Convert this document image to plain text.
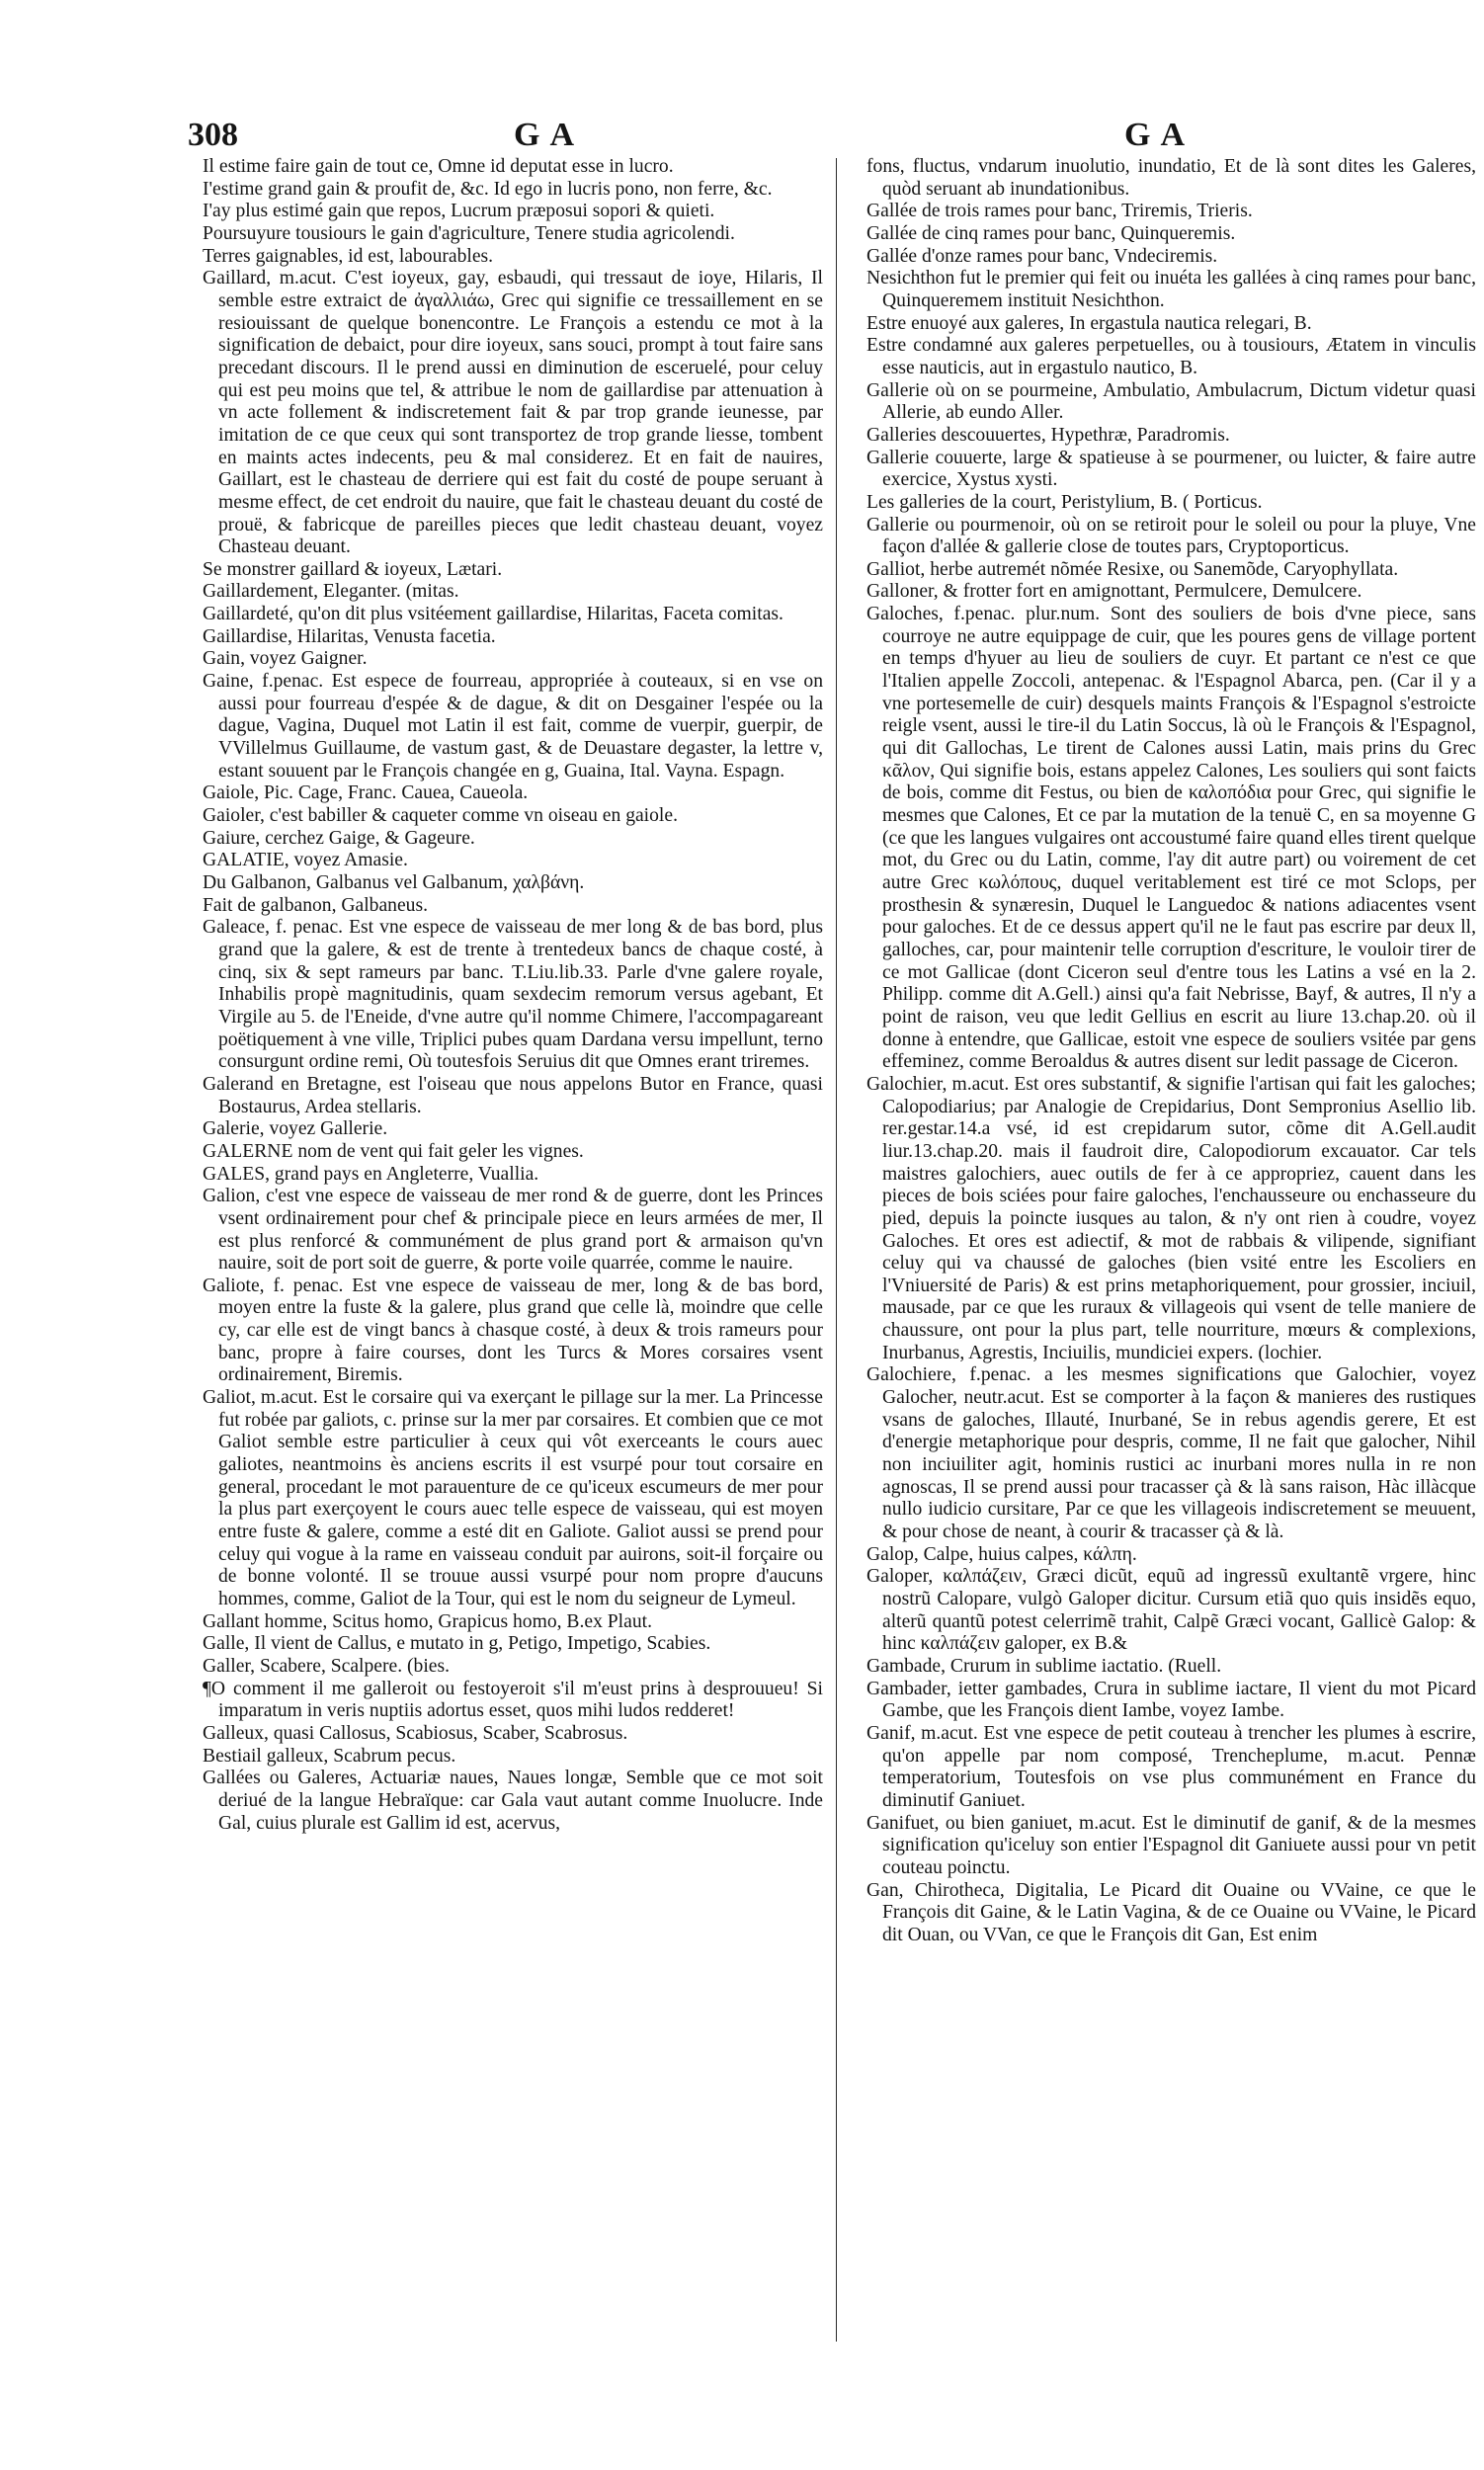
308	GA	GA

Il estime faire gain de tout ce, Omne id deputat esse in lucro.

I'estime grand gain & proufit de, &c. Id ego in lucris pono, non ferre, &c.

I'ay plus estimé gain que repos, Lucrum præposui sopori & quieti.

Poursuyure tousiours le gain d'agriculture, Tenere studia agricolendi.

Terres gaignables, id est, labourables.

Gaillard, m.acut. C'est ioyeux, gay, esbaudi, qui tressaut de ioye, Hilaris, Il semble estre extraict de ἀγαλλιάω, Grec qui signifie ce tressaillement en se resiouissant de quelque bonencontre. Le François a estendu ce mot à la signification de debaict, pour dire ioyeux, sans souci, prompt à tout faire sans precedant discours. Il le prend aussi en diminution de esceruelé, pour celuy qui est peu moins que tel, & attribue le nom de gaillardise par attenuation à vn acte follement & indiscretement fait & par trop grande ieunesse, par imitation de ce que ceux qui sont transportez de trop grande liesse, tombent en maints actes indecents, peu & mal considerez. Et en fait de nauires, Gaillart, est le chasteau de derriere qui est fait du costé de poupe seruant à mesme effect, de cet endroit du nauire, que fait le chasteau deuant du costé de prouë, & fabricque de pareilles pieces que ledit chasteau deuant, voyez Chasteau deuant.

Se monstrer gaillard & ioyeux, Lætari.

Gaillardement, Eleganter. (mitas.

Gaillardeté, qu'on dit plus vsitéement gaillardise, Hilaritas, Faceta comitas.

Gaillardise, Hilaritas, Venusta facetia.

Gain, voyez Gaigner.

Gaine, f.penac. Est espece de fourreau, appropriée à couteaux, si en vse on aussi pour fourreau d'espée & de dague, & dit on Desgainer l'espée ou la dague, Vagina, Duquel mot Latin il est fait, comme de vuerpir, guerpir, de VVillelmus Guillaume, de vastum gast, & de Deuastare degaster, la lettre v, estant souuent par le François changée en g, Guaina, Ital. Vayna. Espagn.

Gaiole, Pic. Cage, Franc. Cauea, Caueola.

Gaioler, c'est babiller & caqueter comme vn oiseau en gaiole.

Gaiure, cerchez Gaige, & Gageure.

GALATIE, voyez Amasie.

Du Galbanon, Galbanus vel Galbanum, χαλβάνη.

Fait de galbanon, Galbaneus.

Galeace, f. penac. Est vne espece de vaisseau de mer long & de bas bord, plus grand que la galere, & est de trente à trentedeux bancs de chaque costé, à cinq, six & sept rameurs par banc. T.Liu.lib.33. Parle d'vne galere royale, Inhabilis propè magnitudinis, quam sexdecim remorum versus agebant, Et Virgile au 5. de l'Eneide, d'vne autre qu'il nomme Chimere, l'accompagareant poëtiquement à vne ville, Triplici pubes quam Dardana versu impellunt, terno consurgunt ordine remi, Où toutesfois Seruius dit que Omnes erant triremes.

Galerand en Bretagne, est l'oiseau que nous appelons Butor en France, quasi Bostaurus, Ardea stellaris.

Galerie, voyez Gallerie.

GALERNE nom de vent qui fait geler les vignes.

GALES, grand pays en Angleterre, Vuallia.

Galion, c'est vne espece de vaisseau de mer rond & de guerre, dont les Princes vsent ordinairement pour chef & principale piece en leurs armées de mer, Il est plus renforcé & communément de plus grand port & armaison qu'vn nauire, soit de port soit de guerre, & porte voile quarrée, comme le nauire.

Galiote, f. penac. Est vne espece de vaisseau de mer, long & de bas bord, moyen entre la fuste & la galere, plus grand que celle là, moindre que celle cy, car elle est de vingt bancs à chasque costé, à deux & trois rameurs pour banc, propre à faire courses, dont les Turcs & Mores corsaires vsent ordinairement, Biremis.

Galiot, m.acut. Est le corsaire qui va exerçant le pillage sur la mer. La Princesse fut robée par galiots, c. prinse sur la mer par corsaires. Et combien que ce mot Galiot semble estre particulier à ceux qui vôt exerceants le cours auec galiotes, neantmoins ès anciens escrits il est vsurpé pour tout corsaire en general, procedant le mot parauenture de ce qu'iceux escumeurs de mer pour la plus part exerçoyent le cours auec telle espece de vaisseau, qui est moyen entre fuste & galere, comme a esté dit en Galiote. Galiot aussi se prend pour celuy qui vogue à la rame en vaisseau conduit par auirons, soit-il forçaire ou de bonne volonté. Il se trouue aussi vsurpé pour nom propre d'aucuns hommes, comme, Galiot de la Tour, qui est le nom du seigneur de Lymeul.

Gallant homme, Scitus homo, Grapicus homo, B.ex Plaut.

Galle, Il vient de Callus, e mutato in g, Petigo, Impetigo, Scabies.

Galler, Scabere, Scalpere. (bies.

¶O comment il me galleroit ou festoyeroit s'il m'eust prins à desprouueu! Si imparatum in veris nuptiis adortus esset, quos mihi ludos redderet!

Galleux, quasi Callosus, Scabiosus, Scaber, Scabrosus.

Bestiail galleux, Scabrum pecus.

Gallées ou Galeres, Actuariæ naues, Naues longæ, Semble que ce mot soit deriué de la langue Hebraïque: car Gala vaut autant comme Inuolucre. Inde Gal, cuius plurale est Gallim id est, acervus,

fons, fluctus, vndarum inuolutio, inundatio, Et de là sont dites les Galeres, quòd seruant ab inundationibus.

Gallée de trois rames pour banc, Triremis, Trieris.

Gallée de cinq rames pour banc, Quinqueremis.

Gallée d'onze rames pour banc, Vndeciremis.

Nesichthon fut le premier qui feit ou inuéta les gallées à cinq rames pour banc, Quinqueremem instituit Nesichthon.

Estre enuoyé aux galeres, In ergastula nautica relegari, B.

Estre condamné aux galeres perpetuelles, ou à tousiours, Ætatem in vinculis esse nauticis, aut in ergastulo nautico, B.

Gallerie où on se pourmeine, Ambulatio, Ambulacrum, Dictum videtur quasi Allerie, ab eundo Aller.

Galleries descouuertes, Hypethræ, Paradromis.

Gallerie couuerte, large & spatieuse à se pourmener, ou luicter, & faire autre exercice, Xystus xysti.

Les galleries de la court, Peristylium, B. ( Porticus.

Gallerie ou pourmenoir, où on se retiroit pour le soleil ou pour la pluye, Vne façon d'allée & gallerie close de toutes pars, Cryptoporticus.

Galliot, herbe autremét nõmée Resixe, ou Sanemõde, Caryophyllata.

Galloner, & frotter fort en amignottant, Permulcere, Demulcere.

Galoches, f.penac. plur.num. Sont des souliers de bois d'vne piece, sans courroye ne autre equippage de cuir, que les poures gens de village portent en temps d'hyuer au lieu de souliers de cuyr. Et partant ce n'est ce que l'Italien appelle Zoccoli, antepenac. & l'Espagnol Abarca, pen. (Car il y a vne portesemelle de cuir) desquels maints François & l'Espagnol s'estroicte reigle vsent, aussi le tire-il du Latin Soccus, là où le François & l'Espagnol, qui dit Gallochas, Le tirent de Calones aussi Latin, mais prins du Grec κᾶλον, Qui signifie bois, estans appelez Calones, Les souliers qui sont faicts de bois, comme dit Festus, ou bien de καλοπόδια pour Grec, qui signifie le mesmes que Calones, Et ce par la mutation de la tenuë C, en sa moyenne G (ce que les langues vulgaires ont accoustumé faire quand elles tirent quelque mot, du Grec ou du Latin, comme, l'ay dit autre part) ou voirement de cet autre Grec κωλόπους, duquel veritablement est tiré ce mot Sclops, per prosthesin & synæresin, Duquel le Languedoc & nations adiacentes vsent pour galoches. Et de ce dessus appert qu'il ne le faut pas escrire par deux ll, galloches, car, pour maintenir telle corruption d'escriture, le vouloir tirer de ce mot Gallicae (dont Ciceron seul d'entre tous les Latins a vsé en la 2. Philipp. comme dit A.Gell.) ainsi qu'a fait Nebrisse, Bayf, & autres, Il n'y a point de raison, veu que ledit Gellius en escrit au liure 13.chap.20. où il donne à entendre, que Gallicae, estoit vne espece de souliers vsitée par gens effeminez, comme Beroaldus & autres disent sur ledit passage de Ciceron.

Galochier, m.acut. Est ores substantif, & signifie l'artisan qui fait les galoches; Calopodiarius; par Analogie de Crepidarius, Dont Sempronius Asellio lib. rer.gestar.14.a vsé, id est crepidarum sutor, cõme dit A.Gell.audit liur.13.chap.20. mais il faudroit dire, Calopodiorum excauator. Car tels maistres galochiers, auec outils de fer à ce appropriez, cauent dans les pieces de bois sciées pour faire galoches, l'enchausseure ou enchasseure du pied, depuis la poincte iusques au talon, & n'y ont rien à coudre, voyez Galoches. Et ores est adiectif, & mot de rabbais & vilipende, signifiant celuy qui va chaussé de galoches (bien vsité entre les Escoliers en l'Vniuersité de Paris) & est prins metaphoriquement, pour grossier, inciuil, mausade, par ce que les ruraux & villageois qui vsent de telle maniere de chaussure, ont pour la plus part, telle nourriture, mœurs & complexions, Inurbanus, Agrestis, Inciuilis, mundiciei expers. (lochier.

Galochiere, f.penac. a les mesmes significations que Galochier, voyez Galocher, neutr.acut. Est se comporter à la façon & manieres des rustiques vsans de galoches, Illauté, Inurbané, Se in rebus agendis gerere, Et est d'energie metaphorique pour despris, comme, Il ne fait que galocher, Nihil non inciuiliter agit, hominis rustici ac inurbani mores nulla in re non agnoscas, Il se prend aussi pour tracasser çà & là sans raison, Hàc illàcque nullo iudicio cursitare, Par ce que les villageois indiscretement se meuuent, & pour chose de neant, à courir & tracasser çà & là.

Galop, Calpe, huius calpes, κάλπη.

Galoper, καλπάζειν, Græci dicũt, equũ ad ingressũ exultantẽ vrgere, hinc nostrũ Calopare, vulgò Galoper dicitur. Cursum etiã quo quis insidẽs equo, alterũ quantũ potest celerrimẽ trahit, Calpẽ Græci vocant, Gallicè Galop: & hinc καλπάζειν galoper, ex B.&

Gambade, Crurum in sublime iactatio. (Ruell.

Gambader, ietter gambades, Crura in sublime iactare, Il vient du mot Picard Gambe, que les François dient Iambe, voyez Iambe.

Ganif, m.acut. Est vne espece de petit couteau à trencher les plumes à escrire, qu'on appelle par nom composé, Trencheplume, m.acut. Pennæ temperatorium, Toutesfois on vse plus communément en France du diminutif Ganiuet.

Ganifuet, ou bien ganiuet, m.acut. Est le diminutif de ganif, & de la mesmes signification qu'iceluy son entier l'Espagnol dit Ganiuete aussi pour vn petit couteau poinctu.

Gan, Chirotheca, Digitalia, Le Picard dit Ouaine ou VVaine, ce que le François dit Gaine, & le Latin Vagina, & de ce Ouaine ou VVaine, le Picard dit Ouan, ou VVan, ce que le François dit Gan, Est enim
